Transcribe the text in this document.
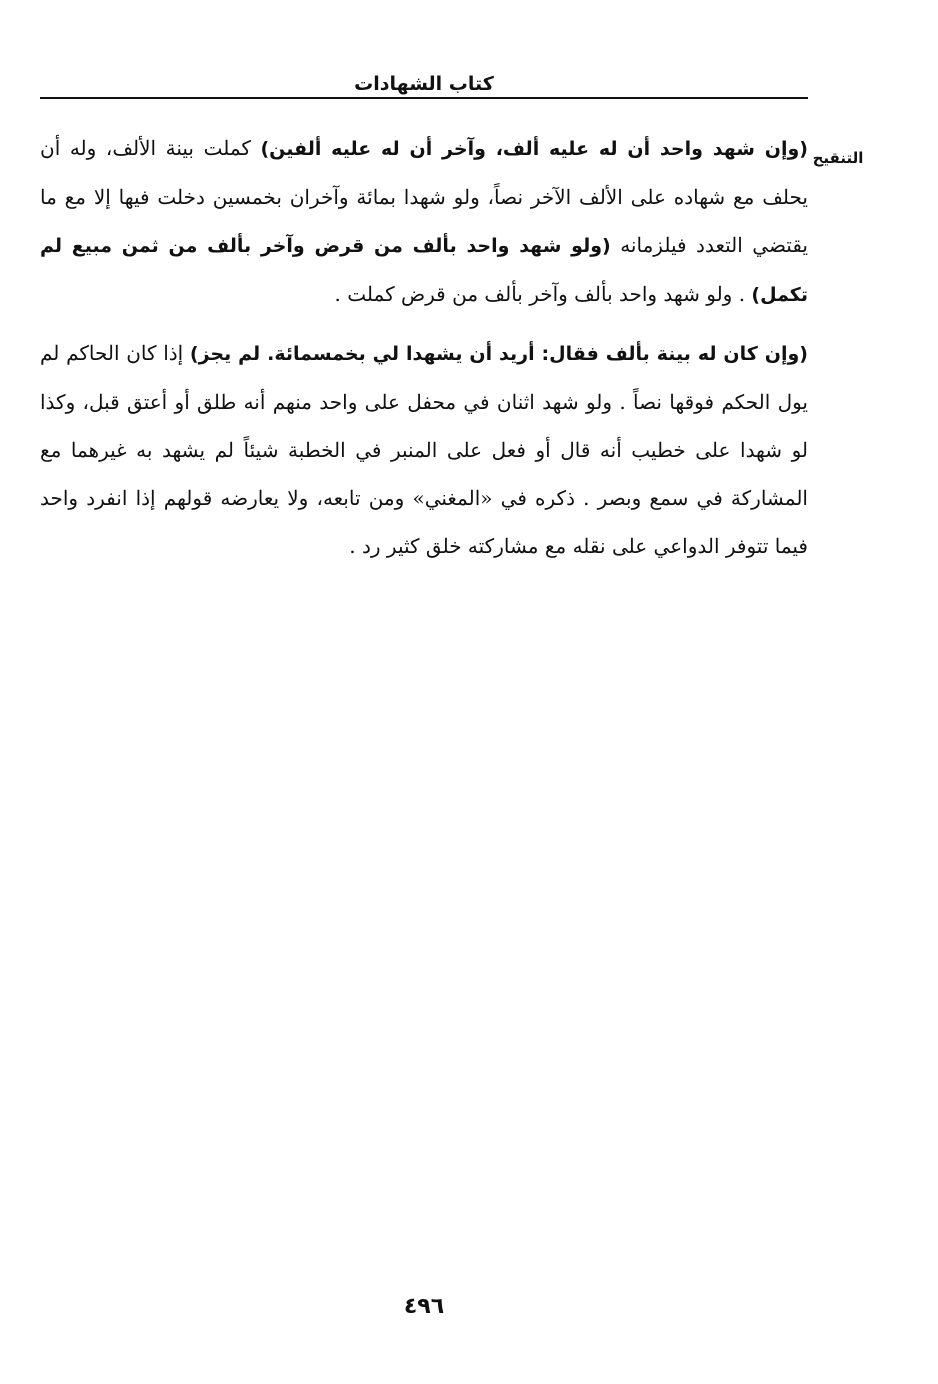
كتاب الشهادات
التنقيح

(وإن شهد واحد أن له عليه ألف، وآخر أن له عليه ألفين) كملت بينة الألف، وله أن يحلف مع شهاده على الألف الآخر نصاً، ولو شهدا بمائة وآخران بخمسين دخلت فيها إلا مع ما يقتضي التعدد فيلزمانه (ولو شهد واحد بألف من قرض وآخر بألف من ثمن مبيع لم تكمل) . ولو شهد واحد بألف وآخر بألف من قرض كملت .

(وإن كان له بينة بألف فقال: أريد أن يشهدا لي بخمسمائة. لم يجز) إذا كان الحاكم لم يول الحكم فوقها نصاً . ولو شهد اثنان في محفل على واحد منهم أنه طلق أو أعتق قبل، وكذا لو شهدا على خطيب أنه قال أو فعل على المنبر في الخطبة شيئاً لم يشهد به غيرهما مع المشاركة في سمع وبصر . ذكره في «المغني» ومن تابعه، ولا يعارضه قولهم إذا انفرد واحد فيما تتوفر الدواعي على نقله مع مشاركته خلق كثير رد .

٤٩٦
